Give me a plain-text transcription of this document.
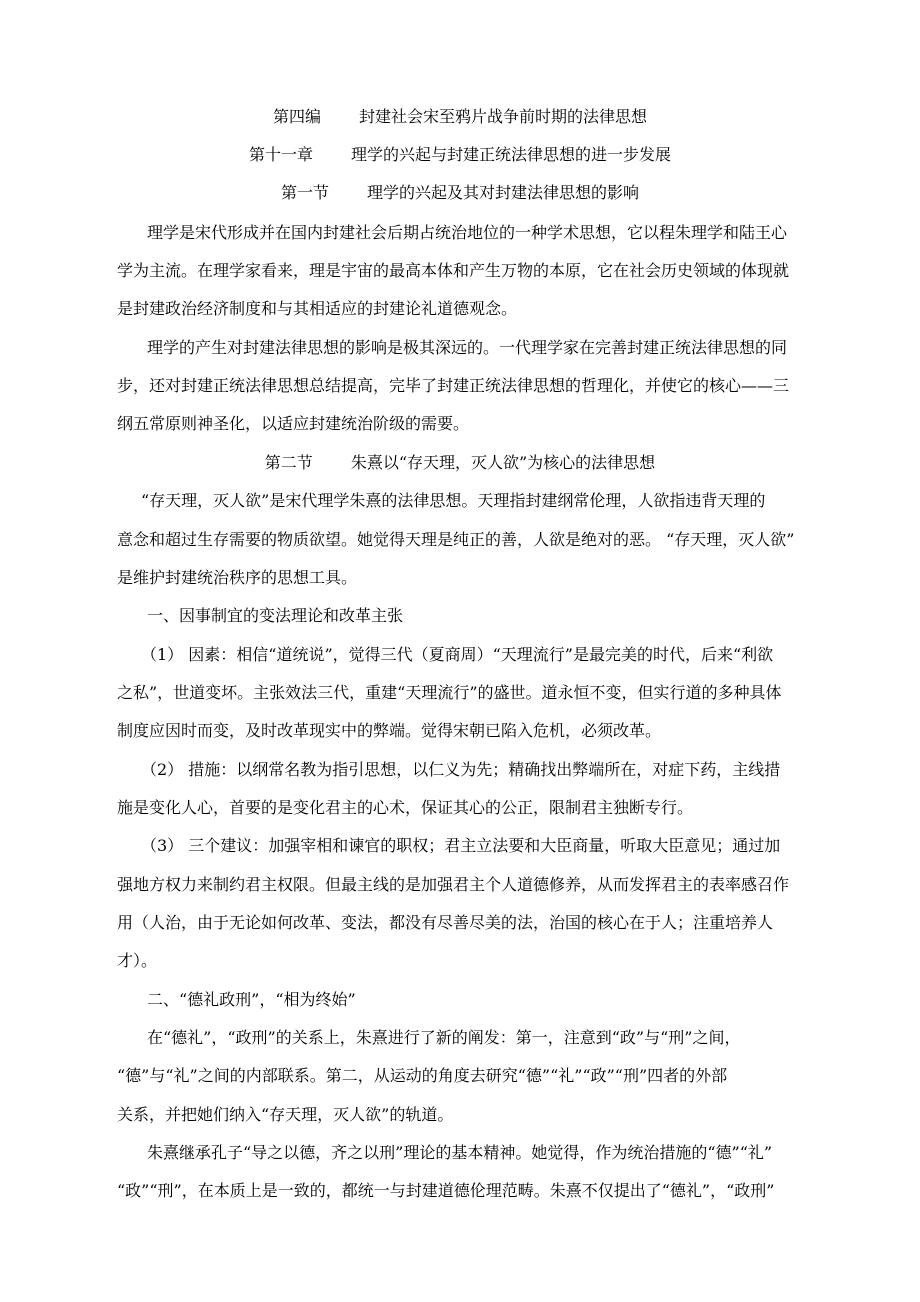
第四编 封建社会宋至鸦片战争前时期的法律思想
第十一章 理学的兴起与封建正统法律思想的进一步发展
第一节 理学的兴起及其对封建法律思想的影响
理学是宋代形成并在国内封建社会后期占统治地位的一种学术思想，它以程朱理学和陆王心
学为主流。在理学家看来，理是宇宙的最高本体和产生万物的本原，它在社会历史领域的体现就
是封建政治经济制度和与其相适应的封建论礼道德观念。
理学的产生对封建法律思想的影响是极其深远的。一代理学家在完善封建正统法律思想的同
步，还对封建正统法律思想总结提高，完毕了封建正统法律思想的哲理化，并使它的核心——三
纲五常原则神圣化，以适应封建统治阶级的需要。
第二节 朱熹以“存天理，灭人欲”为核心的法律思想
“存天理，灭人欲”是宋代理学朱熹的法律思想。天理指封建纲常伦理，人欲指违背天理的
意念和超过生存需要的物质欲望。她觉得天理是纯正的善，人欲是绝对的恶。 “存天理，灭人欲”
是维护封建统治秩序的思想工具。
一、因事制宜的变法理论和改革主张
（1） 因素：相信“道统说”，觉得三代（夏商周）“天理流行”是最完美的时代，后来“利欲
之私”，世道变坏。主张效法三代，重建“天理流行”的盛世。道永恒不变，但实行道的多种具体
制度应因时而变，及时改革现实中的弊端。觉得宋朝已陷入危机，必须改革。
（2） 措施：以纲常名教为指引思想，以仁义为先；精确找出弊端所在，对症下药，主线措
施是变化人心，首要的是变化君主的心术，保证其心的公正，限制君主独断专行。
（3） 三个建议：加强宰相和谏官的职权；君主立法要和大臣商量，听取大臣意见；通过加
强地方权力来制约君主权限。但最主线的是加强君主个人道德修养，从而发挥君主的表率感召作
用（人治，由于无论如何改革、变法，都没有尽善尽美的法，治国的核心在于人；注重培养人
才）。
二、“德礼政刑”，“相为终始”
在“德礼”，“政刑”的关系上，朱熹进行了新的阐发：第一，注意到“政”与“刑”之间，
“德”与“礼”之间的内部联系。第二，从运动的角度去研究“德”“礼”“政”“刑”四者的外部
关系，并把她们纳入“存天理，灭人欲”的轨道。
朱熹继承孔子“导之以德，齐之以刑”理论的基本精神。她觉得，作为统治措施的“德”“礼”
“政”“刑”，在本质上是一致的，都统一与封建道德伦理范畴。朱熹不仅提出了“德礼”，“政刑”
